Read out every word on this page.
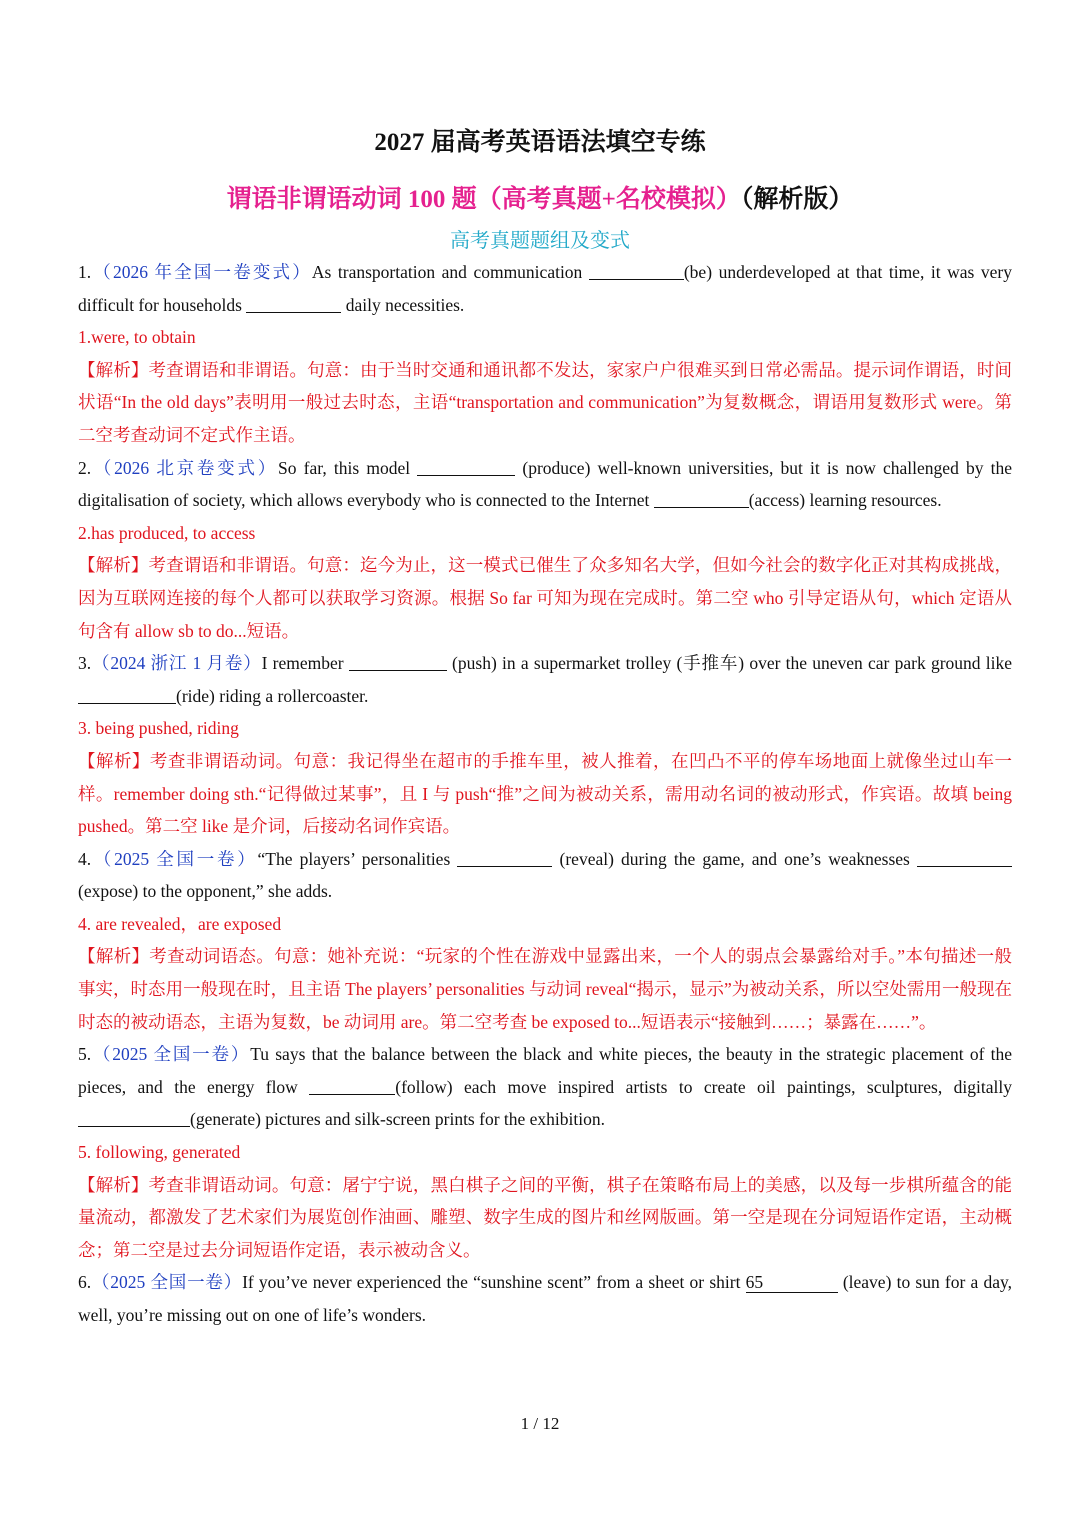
2027 届高考英语语法填空专练
谓语非谓语动词 100 题（高考真题+名校模拟）（解析版）
高考真题题组及变式
1.（2026 年全国一卷变式）As transportation and communication	(be) underdeveloped at that time, it was very difficult for households	daily necessities.
1.were, to obtain
【解析】考查谓语和非谓语。句意：由于当时交通和通讯都不发达，家家户户很难买到日常必需品。提示词作谓语，时间状语“In the old days”表明用一般过去时态，主语“transportation and communication”为复数概念，谓语用复数形式 were。第二空考查动词不定式作主语。
2.（2026 北京卷变式）So far, this model	(produce) well-known universities, but it is now challenged by the digitalisation of society, which allows everybody who is connected to the Internet	(access) learning resources.
2.has produced, to access
【解析】考查谓语和非谓语。句意：迄今为止，这一模式已催生了众多知名大学，但如今社会的数字化正对其构成挑战，因为互联网连接的每个人都可以获取学习资源。根据 So far 可知为现在完成时。第二空 who 引导定语从句，which 定语从句含有 allow sb to do...短语。
3.（2024 浙江 1 月卷）I remember	(push) in a supermarket trolley (手推车) over the uneven car park ground like (ride) riding a rollercoaster.
3. being pushed, riding
【解析】考查非谓语动词。句意：我记得坐在超市的手推车里，被人推着，在凹凸不平的停车场地面上就像坐过山车一样。remember doing sth.“记得做过某事”，且 I 与 push“推”之间为被动关系，需用动名词的被动形式，作宾语。故填 being pushed。第二空 like 是介词，后接动名词作宾语。
4.（2025 全国一卷）“The players’ personalities	(reveal) during the game, and one’s weaknesses  (expose) to the opponent,” she adds.
4. are revealed，are exposed
【解析】考查动词语态。句意：她补充说：“玩家的个性在游戏中显露出来，一个人的弱点会暴露给对手。”本句描述一般事实，时态用一般现在时，且主语 The players’ personalities 与动词 reveal“揭示，显示”为被动关系，所以空处需用一般现在时态的被动语态，主语为复数，be 动词用 are。第二空考查 be exposed to...短语表示“接触到……；暴露在……”。
5.（2025 全国一卷）Tu says that the balance between the black and white pieces, the beauty in the strategic placement of the pieces, and the energy flow	(follow) each move inspired artists to create oil paintings, sculptures, digitally (generate) pictures and silk-screen prints for the exhibition.
5. following, generated
【解析】考查非谓语动词。句意：屠宁宁说，黑白棋子之间的平衡，棋子在策略布局上的美感，以及每一步棋所蕴含的能量流动，都激发了艺术家们为展览创作油画、雕塑、数字生成的图片和丝网版画。第一空是现在分词短语作定语，主动概念；第二空是过去分词短语作定语，表示被动含义。
6.（2025 全国一卷）If you’ve never experienced the “sunshine scent” from a sheet or shirt 65	(leave) to sun for a day, well, you’re missing out on one of life’s wonders.
1 / 12
